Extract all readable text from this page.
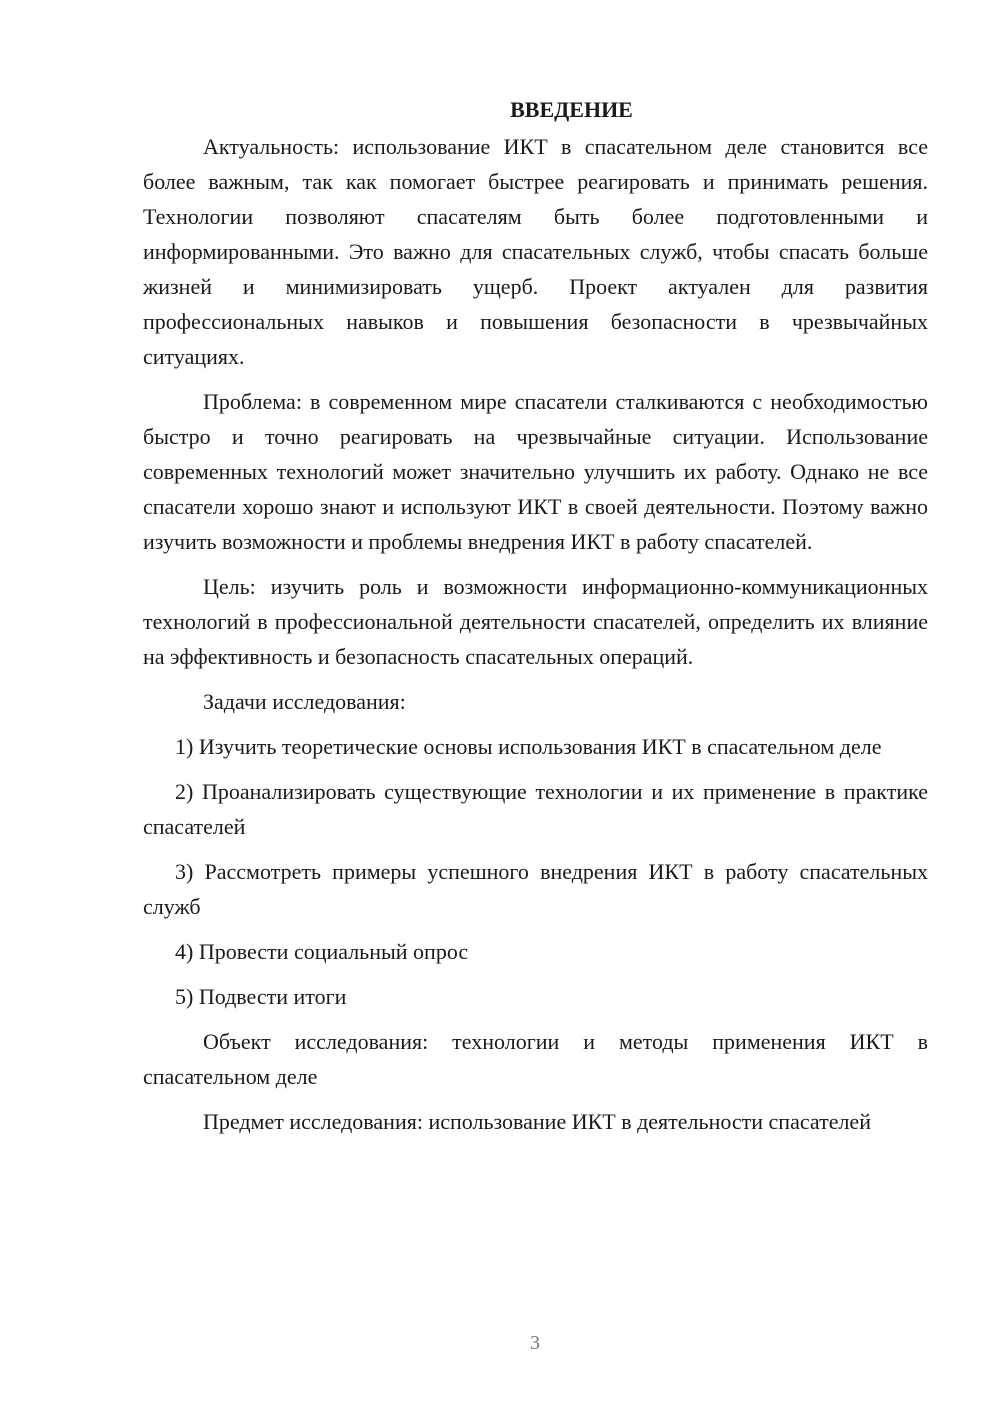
ВВЕДЕНИЕ

Актуальность: использование ИКТ в спасательном деле становится все более важным, так как помогает быстрее реагировать и принимать решения. Технологии позволяют спасателям быть более подготовленными и информированными. Это важно для спасательных служб, чтобы спасать больше жизней и минимизировать ущерб. Проект актуален для развития профессиональных навыков и повышения безопасности в чрезвычайных ситуациях.

Проблема: в современном мире спасатели сталкиваются с необходимостью быстро и точно реагировать на чрезвычайные ситуации. Использование современных технологий может значительно улучшить их работу. Однако не все спасатели хорошо знают и используют ИКТ в своей деятельности. Поэтому важно изучить возможности и проблемы внедрения ИКТ в работу спасателей.

Цель: изучить роль и возможности информационно-коммуникационных технологий в профессиональной деятельности спасателей, определить их влияние на эффективность и безопасность спасательных операций.

Задачи исследования:

1) Изучить теоретические основы использования ИКТ в спасательном деле

2) Проанализировать существующие технологии и их применение в практике спасателей

3) Рассмотреть примеры успешного внедрения ИКТ в работу спасательных служб

4) Провести социальный опрос

5) Подвести итоги

Объект исследования: технологии и методы применения ИКТ в спасательном деле

Предмет исследования: использование ИКТ в деятельности спасателей

3
